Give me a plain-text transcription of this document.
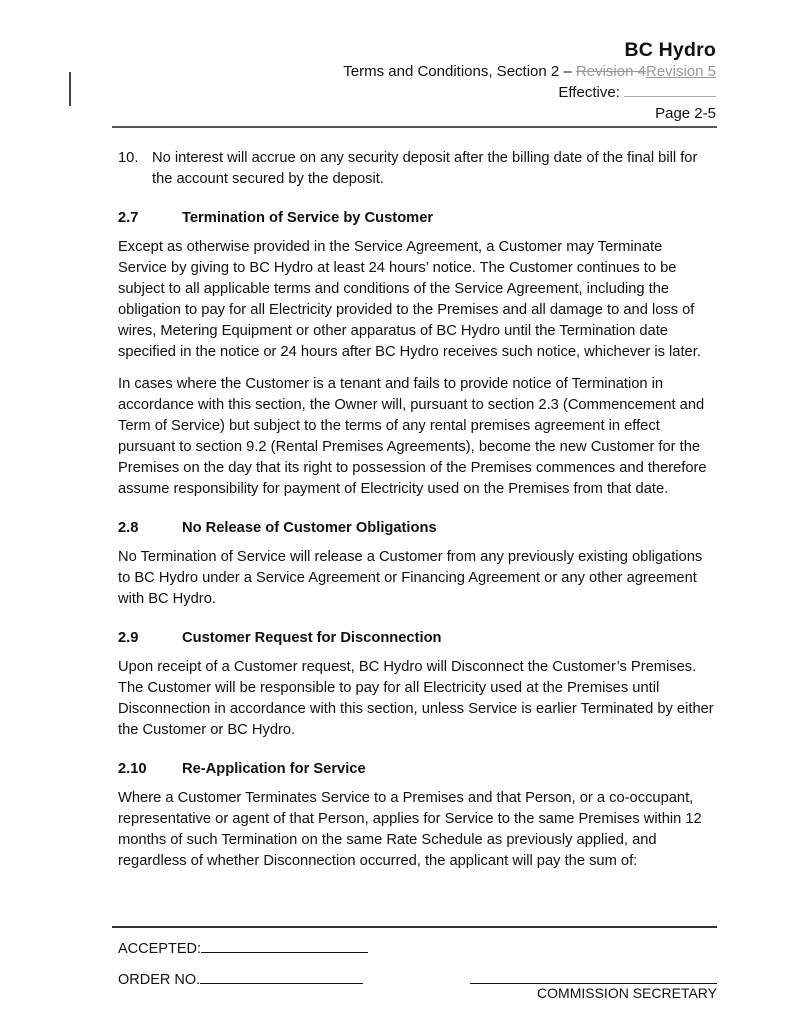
BC Hydro
Terms and Conditions, Section 2 – Revision 4Revision 5
Effective:
Page 2-5
10. No interest will accrue on any security deposit after the billing date of the final bill for the account secured by the deposit.
2.7	Termination of Service by Customer

Except as otherwise provided in the Service Agreement, a Customer may Terminate Service by giving to BC Hydro at least 24 hours’ notice. The Customer continues to be subject to all applicable terms and conditions of the Service Agreement, including the obligation to pay for all Electricity provided to the Premises and all damage to and loss of wires, Metering Equipment or other apparatus of BC Hydro until the Termination date specified in the notice or 24 hours after BC Hydro receives such notice, whichever is later.

In cases where the Customer is a tenant and fails to provide notice of Termination in accordance with this section, the Owner will, pursuant to section 2.3 (Commencement and Term of Service) but subject to the terms of any rental premises agreement in effect pursuant to section 9.2 (Rental Premises Agreements), become the new Customer for the Premises on the day that its right to possession of the Premises commences and therefore assume responsibility for payment of Electricity used on the Premises from that date.

2.8	No Release of Customer Obligations

No Termination of Service will release a Customer from any previously existing obligations to BC Hydro under a Service Agreement or Financing Agreement or any other agreement with BC Hydro.

2.9	Customer Request for Disconnection

Upon receipt of a Customer request, BC Hydro will Disconnect the Customer’s Premises. The Customer will be responsible to pay for all Electricity used at the Premises until Disconnection in accordance with this section, unless Service is earlier Terminated by either the Customer or BC Hydro.

2.10	Re-Application for Service

Where a Customer Terminates Service to a Premises and that Person, or a co-occupant, representative or agent of that Person, applies for Service to the same Premises within 12 months of such Termination on the same Rate Schedule as previously applied, and regardless of whether Disconnection occurred, the applicant will pay the sum of:

ACCEPTED:
ORDER NO.
COMMISSION SECRETARY
